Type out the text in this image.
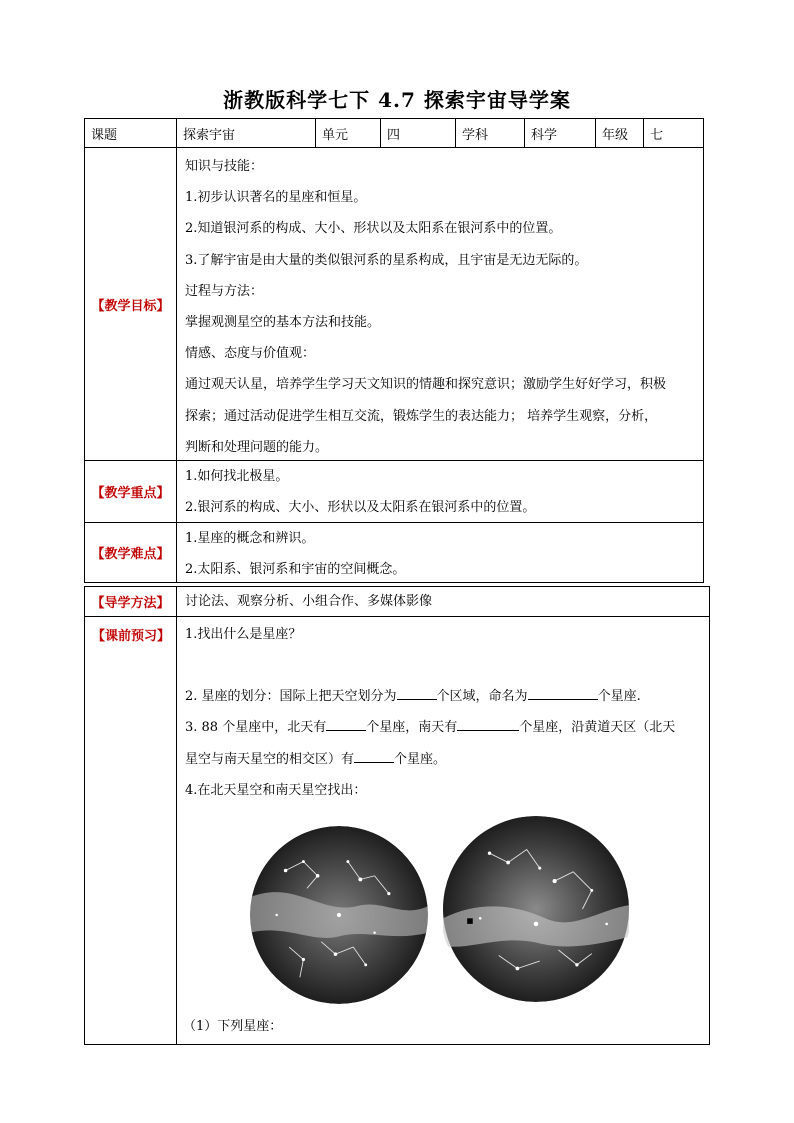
浙教版科学七下 4.7 探索宇宙导学案
课题	探索宇宙	单元	四	学科	科学	年级	七
【教学目标】

知识与技能：

1.初步认识著名的星座和恒星。

2.知道银河系的构成、大小、形状以及太阳系在银河系中的位置。

3.了解宇宙是由大量的类似银河系的星系构成，且宇宙是无边无际的。

过程与方法：

掌握观测星空的基本方法和技能。

情感、态度与价值观：

通过观天认星，培养学生学习天文知识的情趣和探究意识；激励学生好好学习，积极

探索；通过活动促进学生相互交流，锻炼学生的表达能力； 培养学生观察，分析，

判断和处理问题的能力。

【教学重点】

1.如何找北极星。

2.银河系的构成、大小、形状以及太阳系在银河系中的位置。

【教学难点】

1.星座的概念和辨识。

2.太阳系、银河系和宇宙的空间概念。

【导学方法】	讨论法、观察分析、小组合作、多媒体影像
【课前预习】	1.找出什么是星座？

2. 星座的划分：国际上把天空划分为	个区域，命名为	个星座.

3. 88 个星座中，北天有	个星座，南天有	个星座，沿黄道天区（北天

星空与南天星空的相交区）有	个星座。

4.在北天星空和南天星空找出：

（1）下列星座：
